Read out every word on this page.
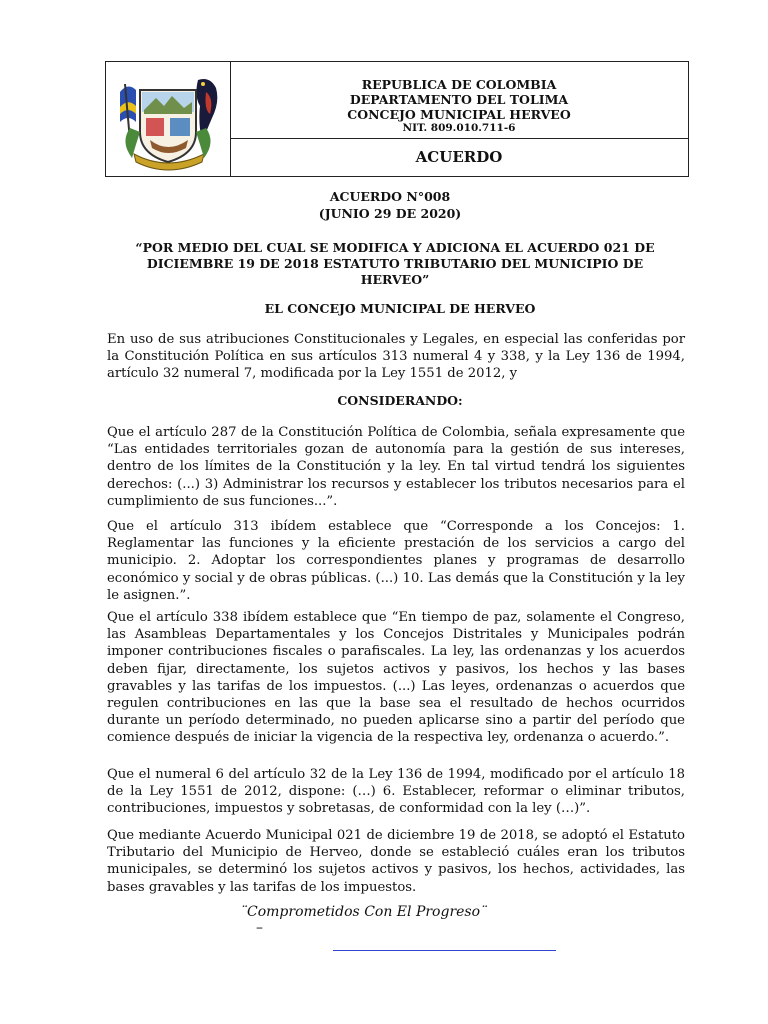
REPUBLICA DE COLOMBIA
DEPARTAMENTO DEL TOLIMA
CONCEJO MUNICIPAL HERVEO
NIT. 809.010.711-6
ACUERDO
ACUERDO N°008
(JUNIO 29 DE 2020)
“POR MEDIO DEL CUAL SE MODIFICA Y ADICIONA EL ACUERDO 021 DE
DICIEMBRE 19 DE 2018 ESTATUTO TRIBUTARIO DEL MUNICIPIO DE
HERVEO”
EL CONCEJO MUNICIPAL DE HERVEO
En uso de sus atribuciones Constitucionales y Legales, en especial las conferidas por la Constitución Política en sus artículos 313 numeral 4 y 338, y la Ley 136 de 1994, artículo 32 numeral 7, modificada por la Ley 1551 de 2012, y
CONSIDERANDO:
Que el artículo 287 de la Constitución Política de Colombia, señala expresamente que “Las entidades territoriales gozan de autonomía para la gestión de sus intereses, dentro de los límites de la Constitución y la ley. En tal virtud tendrá los siguientes derechos: (...) 3) Administrar los recursos y establecer los tributos necesarios para el cumplimiento de sus funciones...”.
Que el artículo 313 ibídem establece que “Corresponde a los Concejos: 1. Reglamentar las funciones y la eficiente prestación de los servicios a cargo del municipio. 2. Adoptar los correspondientes planes y programas de desarrollo económico y social y de obras públicas. (...) 10. Las demás que la Constitución y la ley le asignen.”.
Que el artículo 338 ibídem establece que “En tiempo de paz, solamente el Congreso, las Asambleas Departamentales y los Concejos Distritales y Municipales podrán imponer contribuciones fiscales o parafiscales. La ley, las ordenanzas y los acuerdos deben fijar, directamente, los sujetos activos y pasivos, los hechos y las bases gravables y las tarifas de los impuestos. (...) Las leyes, ordenanzas o acuerdos que regulen contribuciones en las que la base sea el resultado de hechos ocurridos durante un período determinado, no pueden aplicarse sino a partir del período que comience después de iniciar la vigencia de la respectiva ley, ordenanza o acuerdo.”.
Que el numeral 6 del artículo 32 de la Ley 136 de 1994, modificado por el artículo 18 de la Ley 1551 de 2012, dispone: (…) 6. Establecer, reformar o eliminar tributos, contribuciones, impuestos y sobretasas, de conformidad con la ley (…)”.
Que mediante Acuerdo Municipal 021 de diciembre 19 de 2018, se adoptó el Estatuto Tributario del Municipio de Herveo, donde se estableció cuáles eran los tributos municipales, se determinó los sujetos activos y pasivos, los hechos, actividades, las bases gravables y las tarifas de los impuestos.
¨Comprometidos Con El Progreso¨
–
